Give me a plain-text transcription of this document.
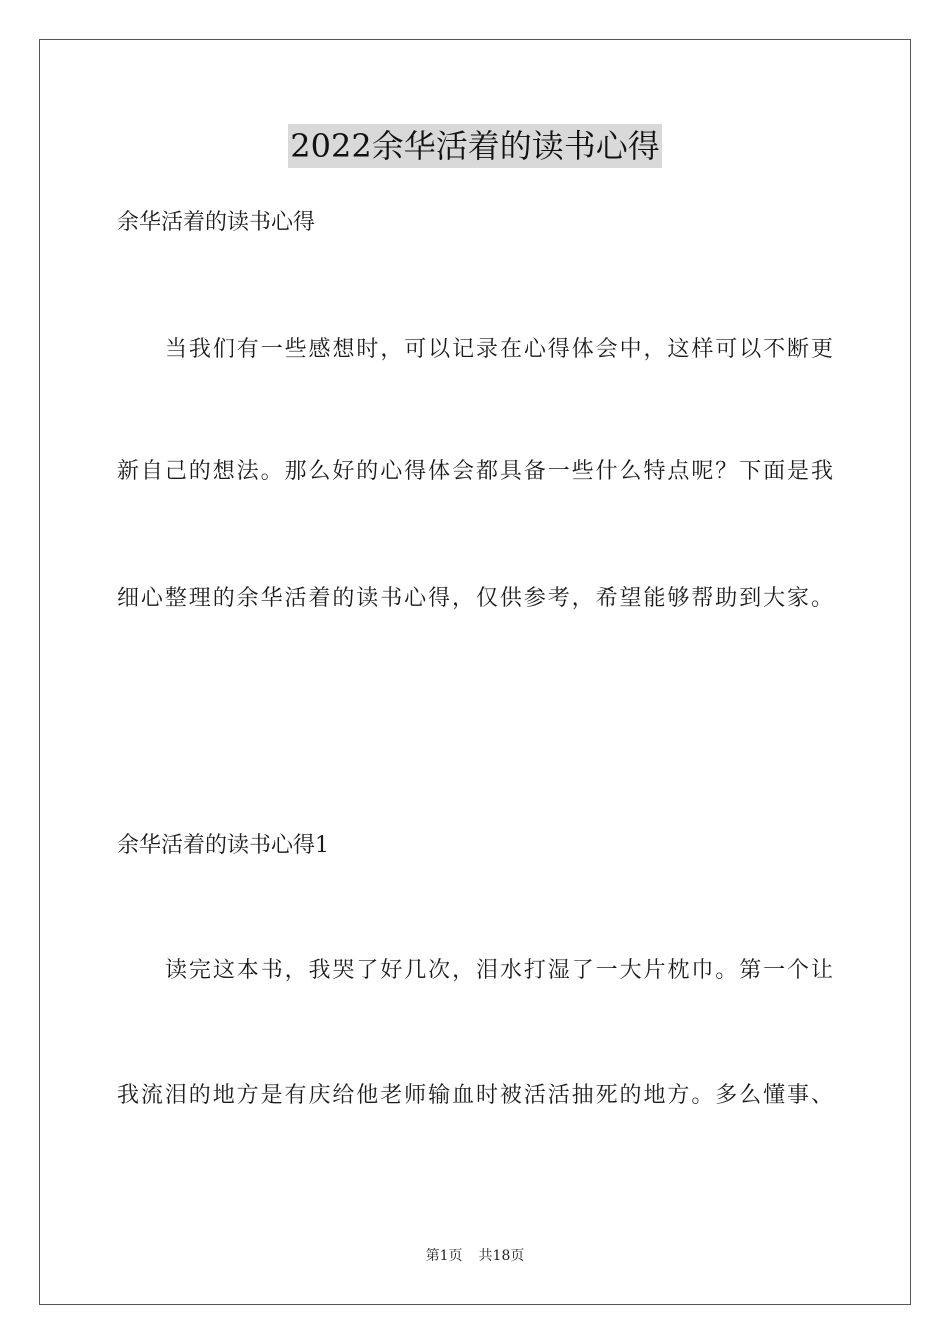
2022余华活着的读书心得
余华活着的读书心得
当我们有一些感想时，可以记录在心得体会中，这样可以不断更
新自己的想法。那么好的心得体会都具备一些什么特点呢？下面是我
细心整理的余华活着的读书心得，仅供参考，希望能够帮助到大家。
余华活着的读书心得1
读完这本书，我哭了好几次，泪水打湿了一大片枕巾。第一个让
我流泪的地方是有庆给他老师输血时被活活抽死的地方。多么懂事、
第1页 共18页
